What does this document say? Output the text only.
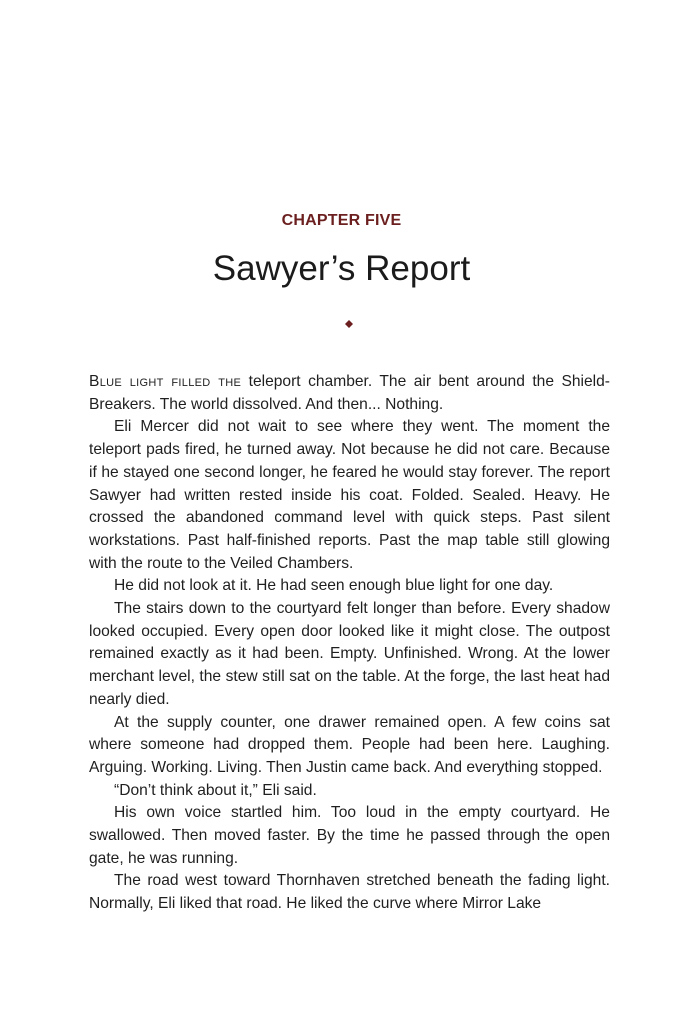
CHAPTER FIVE
Sawyer’s Report

Blue light filled the teleport chamber. The air bent around the Shield-Breakers. The world dissolved. And then... Nothing.

Eli Mercer did not wait to see where they went. The moment the teleport pads fired, he turned away. Not because he did not care. Because if he stayed one second longer, he feared he would stay forever. The report Sawyer had written rested inside his coat. Folded. Sealed. Heavy. He crossed the abandoned command level with quick steps. Past silent workstations. Past half-finished reports. Past the map table still glowing with the route to the Veiled Chambers.

He did not look at it. He had seen enough blue light for one day.

The stairs down to the courtyard felt longer than before. Every shadow looked occupied. Every open door looked like it might close. The outpost remained exactly as it had been. Empty. Unfinished. Wrong. At the lower merchant level, the stew still sat on the table. At the forge, the last heat had nearly died.

At the supply counter, one drawer remained open. A few coins sat where someone had dropped them. People had been here. Laughing. Arguing. Working. Living. Then Justin came back. And everything stopped.

“Don’t think about it,” Eli said.

His own voice startled him. Too loud in the empty courtyard. He swallowed. Then moved faster. By the time he passed through the open gate, he was running.

The road west toward Thornhaven stretched beneath the fading light. Normally, Eli liked that road. He liked the curve where Mirror Lake
